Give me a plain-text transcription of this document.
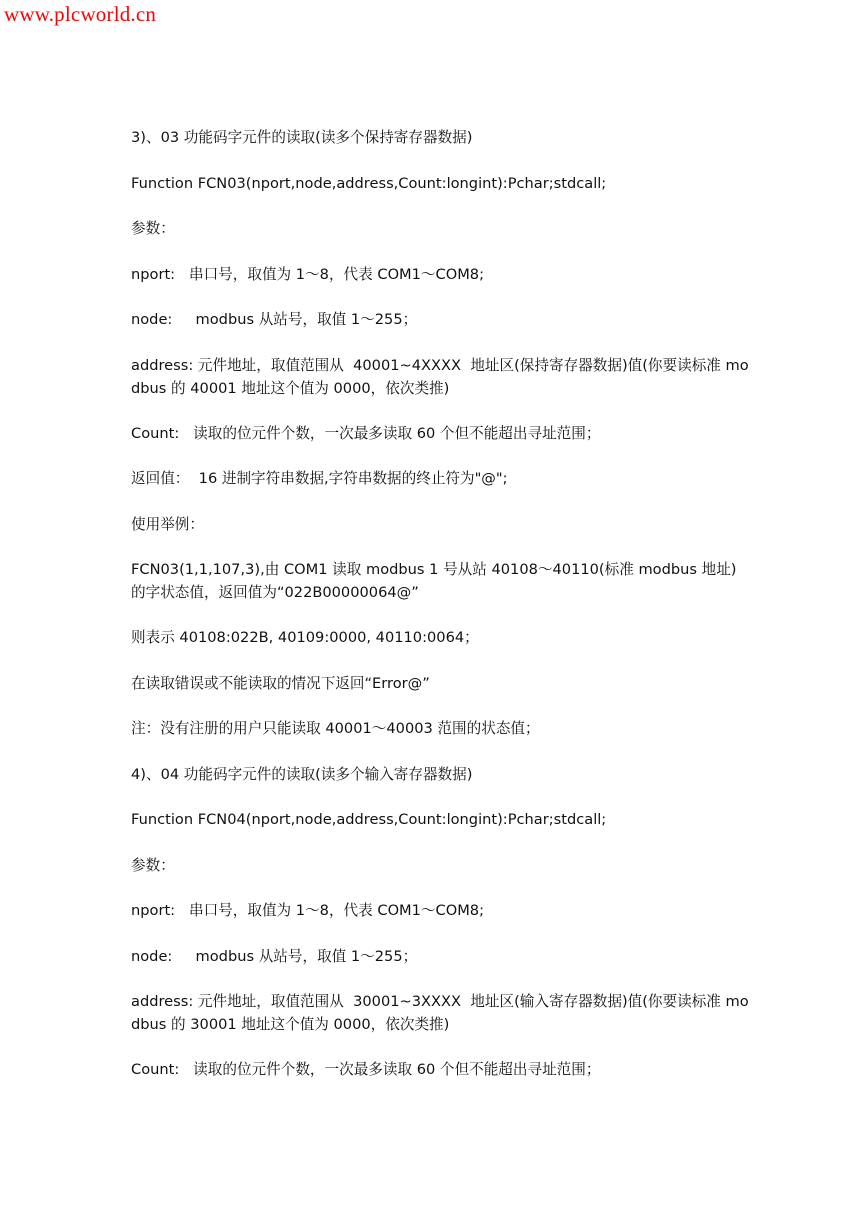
www.plcworld.cn

3)、03 功能码字元件的读取(读多个保持寄存器数据)

Function FCN03(nport,node,address,Count:longint):Pchar;stdcall;

参数：

nport:   串口号，取值为 1～8，代表 COM1～COM8;

node:     modbus 从站号，取值 1～255；

address: 元件地址，取值范围从  40001~4XXXX  地址区(保持寄存器数据)值(你要读标准 modbus 的 40001 地址这个值为 0000，依次类推)

Count:   读取的位元件个数，一次最多读取 60 个但不能超出寻址范围；

返回值：  16 进制字符串数据,字符串数据的终止符为"@";

使用举例：

FCN03(1,1,107,3),由 COM1 读取 modbus 1 号从站 40108～40110(标准 modbus 地址)的字状态值，返回值为“022B00000064@”

则表示 40108:022B, 40109:0000, 40110:0064；

在读取错误或不能读取的情况下返回“Error@”

注：没有注册的用户只能读取 40001～40003 范围的状态值；

4)、04 功能码字元件的读取(读多个输入寄存器数据)

Function FCN04(nport,node,address,Count:longint):Pchar;stdcall;

参数：

nport:   串口号，取值为 1～8，代表 COM1～COM8;

node:     modbus 从站号，取值 1～255；

address: 元件地址，取值范围从  30001~3XXXX  地址区(输入寄存器数据)值(你要读标准 modbus 的 30001 地址这个值为 0000，依次类推)

Count:   读取的位元件个数，一次最多读取 60 个但不能超出寻址范围；
